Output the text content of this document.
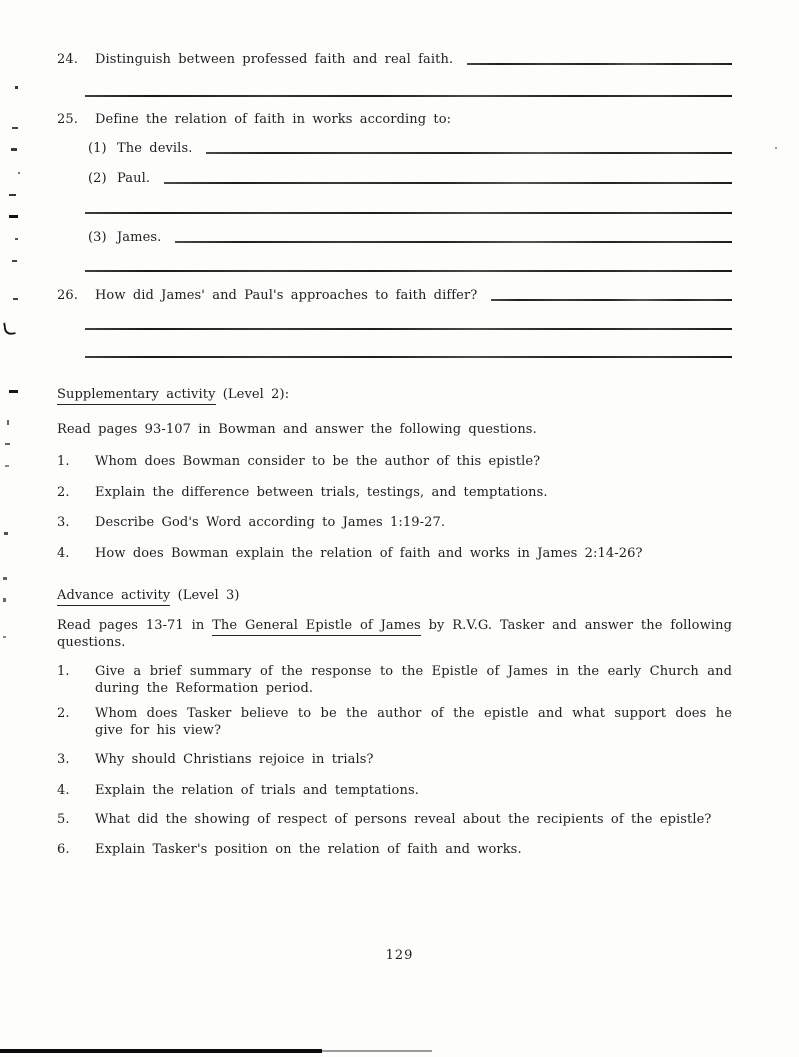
24.	Distinguish between professed faith and real faith.
25.	Define the relation of faith in works according to:
(1) The devils.
(2) Paul.
(3) James.
26.	How did James' and Paul's approaches to faith differ?
Supplementary activity (Level 2):
Read pages 93-107 in Bowman and answer the following questions.
1.	Whom does Bowman consider to be the author of this epistle?
2.	Explain the difference between trials, testings, and temptations.
3.	Describe God's Word according to James 1:19-27.
4.	How does Bowman explain the relation of faith and works in James 2:14-26?
Advance activity (Level 3)
Read pages 13-71 in The General Epistle of James by R.V.G. Tasker and answer the following questions.
1.	Give a brief summary of the response to the Epistle of James in the early Church and during the Reformation period.
2.	Whom does Tasker believe to be the author of the epistle and what support does he give for his view?
3.	Why should Christians rejoice in trials?
4.	Explain the relation of trials and temptations.
5.	What did the showing of respect of persons reveal about the recipients of the epistle?
6.	Explain Tasker's position on the relation of faith and works.
129
